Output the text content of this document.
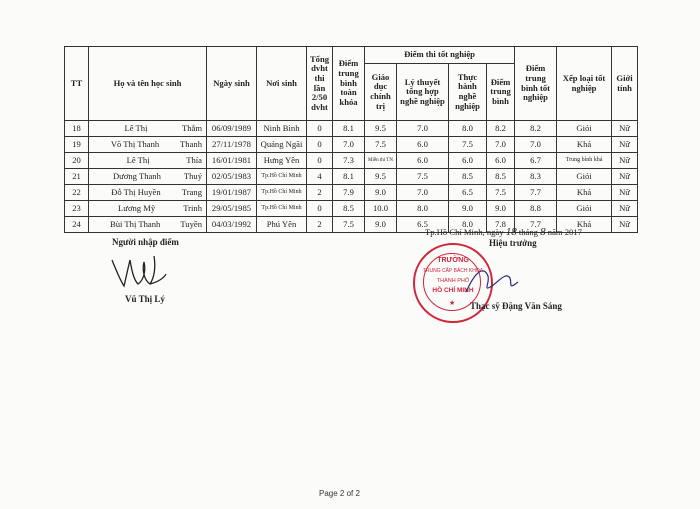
TT	Họ và tên học sinh	Ngày sinh	Nơi sinh	Tổng dvht thi lần 2/50 dvht	Điểm trung bình toàn khóa	Điểm thi tốt nghiệp				Điểm trung bình tốt nghiệp	Xếp loại tốt nghiệp	Giới tính
						Giáo dục chính trị	Lý thuyết tổng hợp nghề nghiệp	Thực hành nghề nghiệp	Điểm trung bình			
18	Lê Thị Thắm	06/09/1989	Ninh Bình	0	8.1	9.5	7.0	8.0	8.2	8.2	Giỏi	Nữ
19	Võ Thị Thanh Thanh	27/11/1978	Quảng Ngãi	0	7.0	7.5	6.0	7.5	7.0	7.0	Khá	Nữ
20	Lê Thị Thía	16/01/1981	Hưng Yên	0	7.3	Miễn thi TN	6.0	6.0	6.0	6.7	Trung bình khá	Nữ
21	Dương Thanh Thuý	02/05/1983	Tp.Hồ Chí Minh	4	8.1	9.5	7.5	8.5	8.5	8.3	Giỏi	Nữ
22	Đỗ Thị Huyền Trang	19/01/1987	Tp.Hồ Chí Minh	2	7.9	9.0	7.0	6.5	7.5	7.7	Khá	Nữ
23	Lương Mỹ Trinh	29/05/1985	Tp.Hồ Chí Minh	0	8.5	10.0	8.0	9.0	9.0	8.8	Giỏi	Nữ
24	Bùi Thị Thanh Tuyền	04/03/1992	Phú Yên	2	7.5	9.0	6.5	8.0	7.8	7.7	Khá	Nữ
Người nhập điểm
Vũ Thị Lý
Tp.Hồ Chí Minh, ngày 18 tháng 8 năm 2017
Hiệu trưởng
TRƯỜNG
TRUNG CẤP BÁCH KHOA
THÀNH PHỐ
HỒ CHÍ MINH
★ Thạc sỹ Đặng Văn Sáng
Page 2 of 2
